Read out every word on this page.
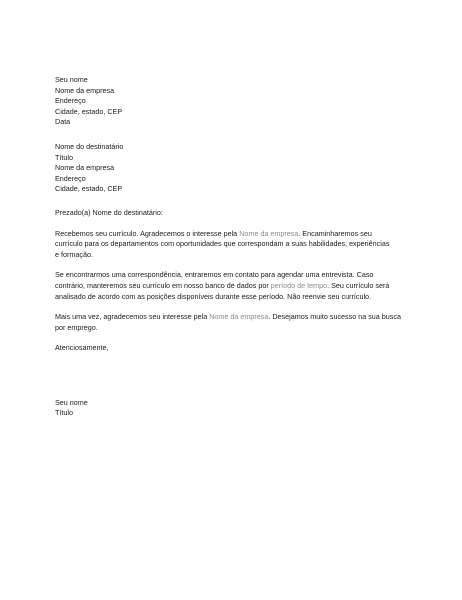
Seu nome
Nome da empresa
Endereço
Cidade, estado, CEP
Data
Nome do destinatário
Título
Nome da empresa
Endereço
Cidade, estado, CEP

Prezado(a) Nome do destinatário:

Recebemos seu currículo. Agradecemos o interesse pela Nome da empresa. Encaminharemos seu
currículo para os departamentos com oportunidades que correspondam a suas habilidades, experiências
e formação.

Se encontrarmos uma correspondência, entraremos em contato para agendar uma entrevista. Caso
contrário, manteremos seu currículo em nosso banco de dados por período de tempo. Seu currículo será
analisado de acordo com as posições disponíveis durante esse período. Não reenvie seu currículo.

Mais uma vez, agradecemos seu interesse pela Nome da empresa. Desejamos muito sucesso na sua busca
por emprego.

Atenciosamente,

Seu nome
Título
